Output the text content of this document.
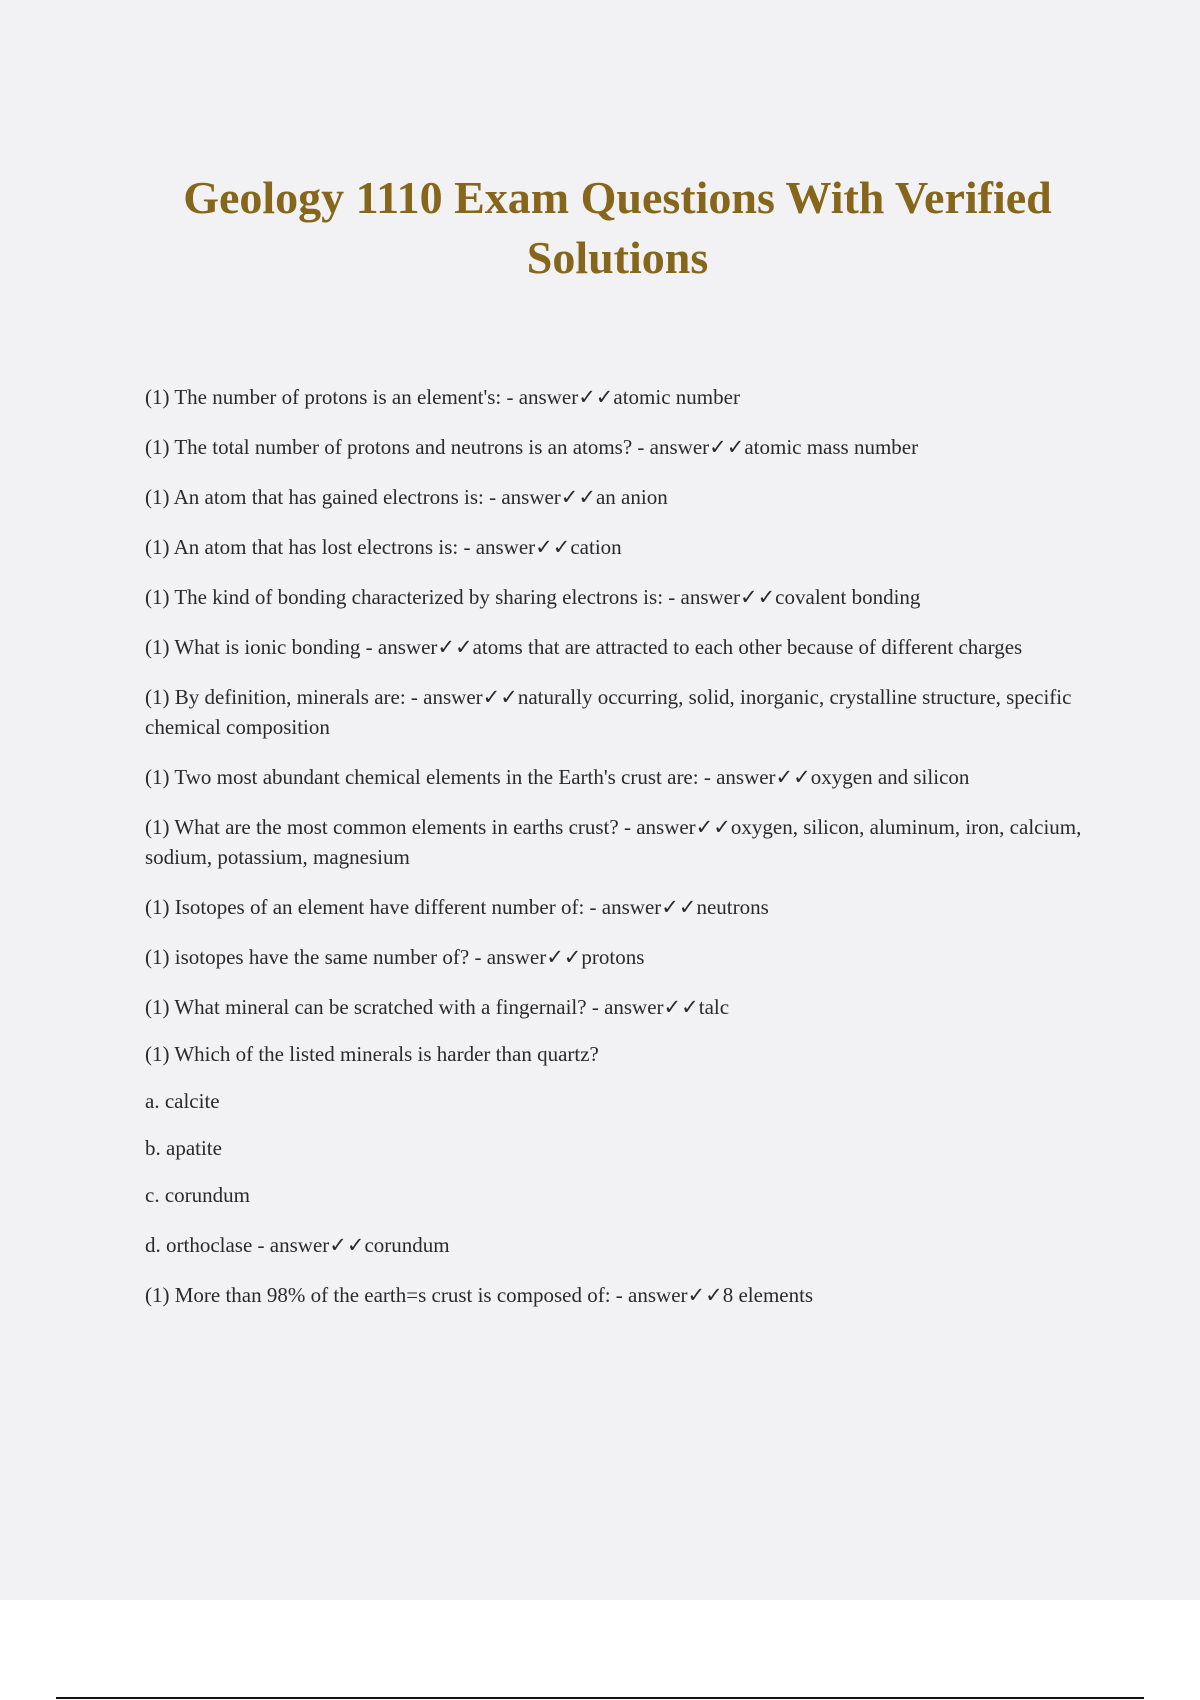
Geology 1110 Exam Questions With Verified Solutions

(1) The number of protons is an element's: - answer✓✓atomic number

(1) The total number of protons and neutrons is an atoms? - answer✓✓atomic mass number

(1) An atom that has gained electrons is: - answer✓✓an anion

(1) An atom that has lost electrons is: - answer✓✓cation

(1) The kind of bonding characterized by sharing electrons is: - answer✓✓covalent bonding

(1) What is ionic bonding - answer✓✓atoms that are attracted to each other because of different charges

(1) By definition, minerals are: - answer✓✓naturally occurring, solid, inorganic, crystalline structure, specific chemical composition

(1) Two most abundant chemical elements in the Earth's crust are: - answer✓✓oxygen and silicon

(1) What are the most common elements in earths crust? - answer✓✓oxygen, silicon, aluminum, iron, calcium, sodium, potassium, magnesium

(1) Isotopes of an element have different number of: - answer✓✓neutrons

(1) isotopes have the same number of? - answer✓✓protons

(1) What mineral can be scratched with a fingernail? - answer✓✓talc

(1) Which of the listed minerals is harder than quartz?

a. calcite

b. apatite

c. corundum

d. orthoclase - answer✓✓corundum

(1) More than 98% of the earth=s crust is composed of: - answer✓✓8 elements
